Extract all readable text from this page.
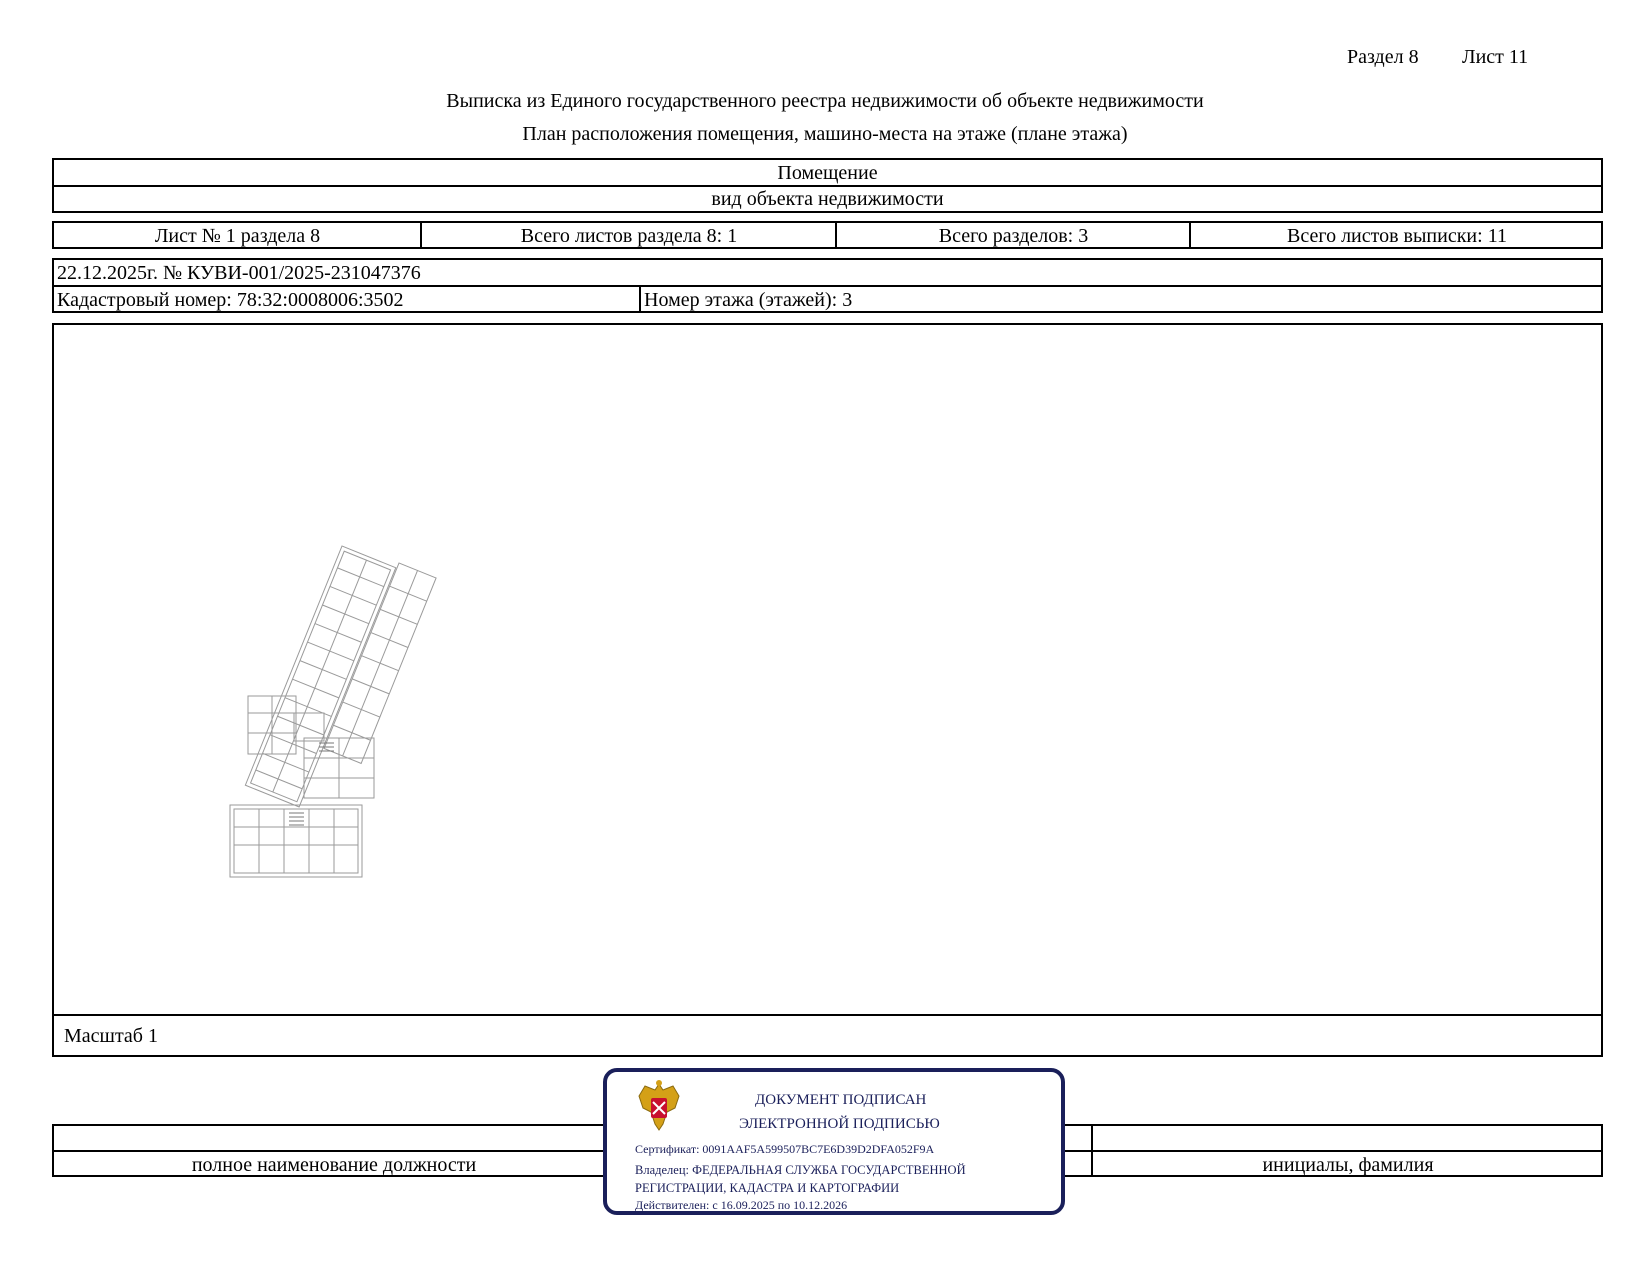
Раздел 8 Лист 11
Выписка из Единого государственного реестра недвижимости об объекте недвижимости
План расположения помещения, машино-места на этаже (плане этажа)
Помещение
вид объекта недвижимости
Лист № 1 раздела 8	Всего листов раздела 8: 1	Всего разделов: 3	Всего листов выписки: 11
22.12.2025г. № КУВИ-001/2025-231047376
Кадастровый номер: 78:32:0008006:3502	Номер этажа (этажей): 3
Масштаб 1
полное наименование должности	инициалы, фамилия
ДОКУМЕНТ ПОДПИСАН
ЭЛЕКТРОННОЙ ПОДПИСЬЮ
Сертификат: 0091AAF5A599507BC7E6D39D2DFA052F9A
Владелец: ФЕДЕРАЛЬНАЯ СЛУЖБА ГОСУДАРСТВЕННОЙ
РЕГИСТРАЦИИ, КАДАСТРА И КАРТОГРАФИИ
Действителен: с 16.09.2025 по 10.12.2026
